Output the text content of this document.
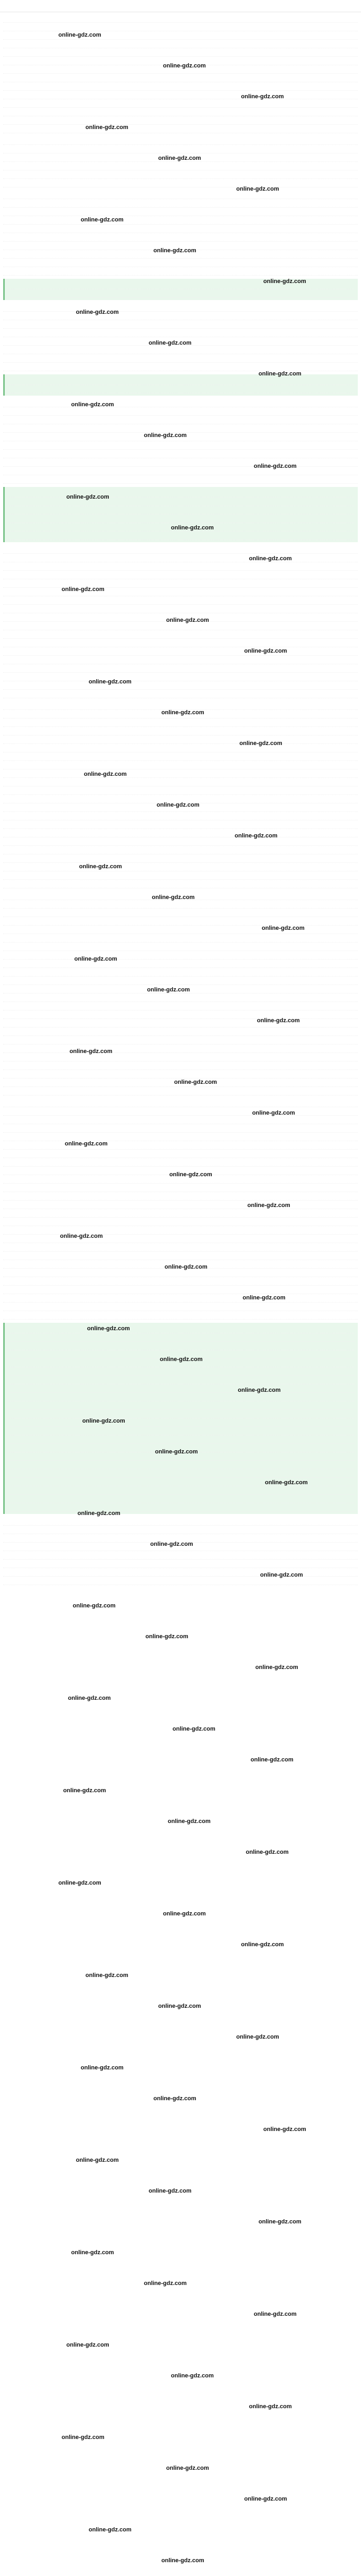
online-gdz.com
online-gdz.com
online-gdz.com
online-gdz.com
online-gdz.com
online-gdz.com
online-gdz.com
online-gdz.com
online-gdz.com
online-gdz.com
online-gdz.com
online-gdz.com
online-gdz.com
online-gdz.com
online-gdz.com
online-gdz.com
online-gdz.com
online-gdz.com
online-gdz.com
online-gdz.com
online-gdz.com
online-gdz.com
online-gdz.com
online-gdz.com
online-gdz.com
online-gdz.com
online-gdz.com
online-gdz.com
online-gdz.com
online-gdz.com
online-gdz.com
online-gdz.com
online-gdz.com
online-gdz.com
online-gdz.com
online-gdz.com
online-gdz.com
online-gdz.com
online-gdz.com
online-gdz.com
online-gdz.com
online-gdz.com
online-gdz.com
online-gdz.com
online-gdz.com
online-gdz.com
online-gdz.com
online-gdz.com
online-gdz.com
online-gdz.com
online-gdz.com
online-gdz.com
online-gdz.com
online-gdz.com
online-gdz.com
online-gdz.com
online-gdz.com
online-gdz.com
online-gdz.com
online-gdz.com
online-gdz.com
online-gdz.com
online-gdz.com
online-gdz.com
online-gdz.com
online-gdz.com
online-gdz.com
online-gdz.com
online-gdz.com
online-gdz.com
online-gdz.com
online-gdz.com
online-gdz.com
online-gdz.com
online-gdz.com
online-gdz.com
online-gdz.com
online-gdz.com
online-gdz.com
online-gdz.com
online-gdz.com
online-gdz.com
online-gdz.com
